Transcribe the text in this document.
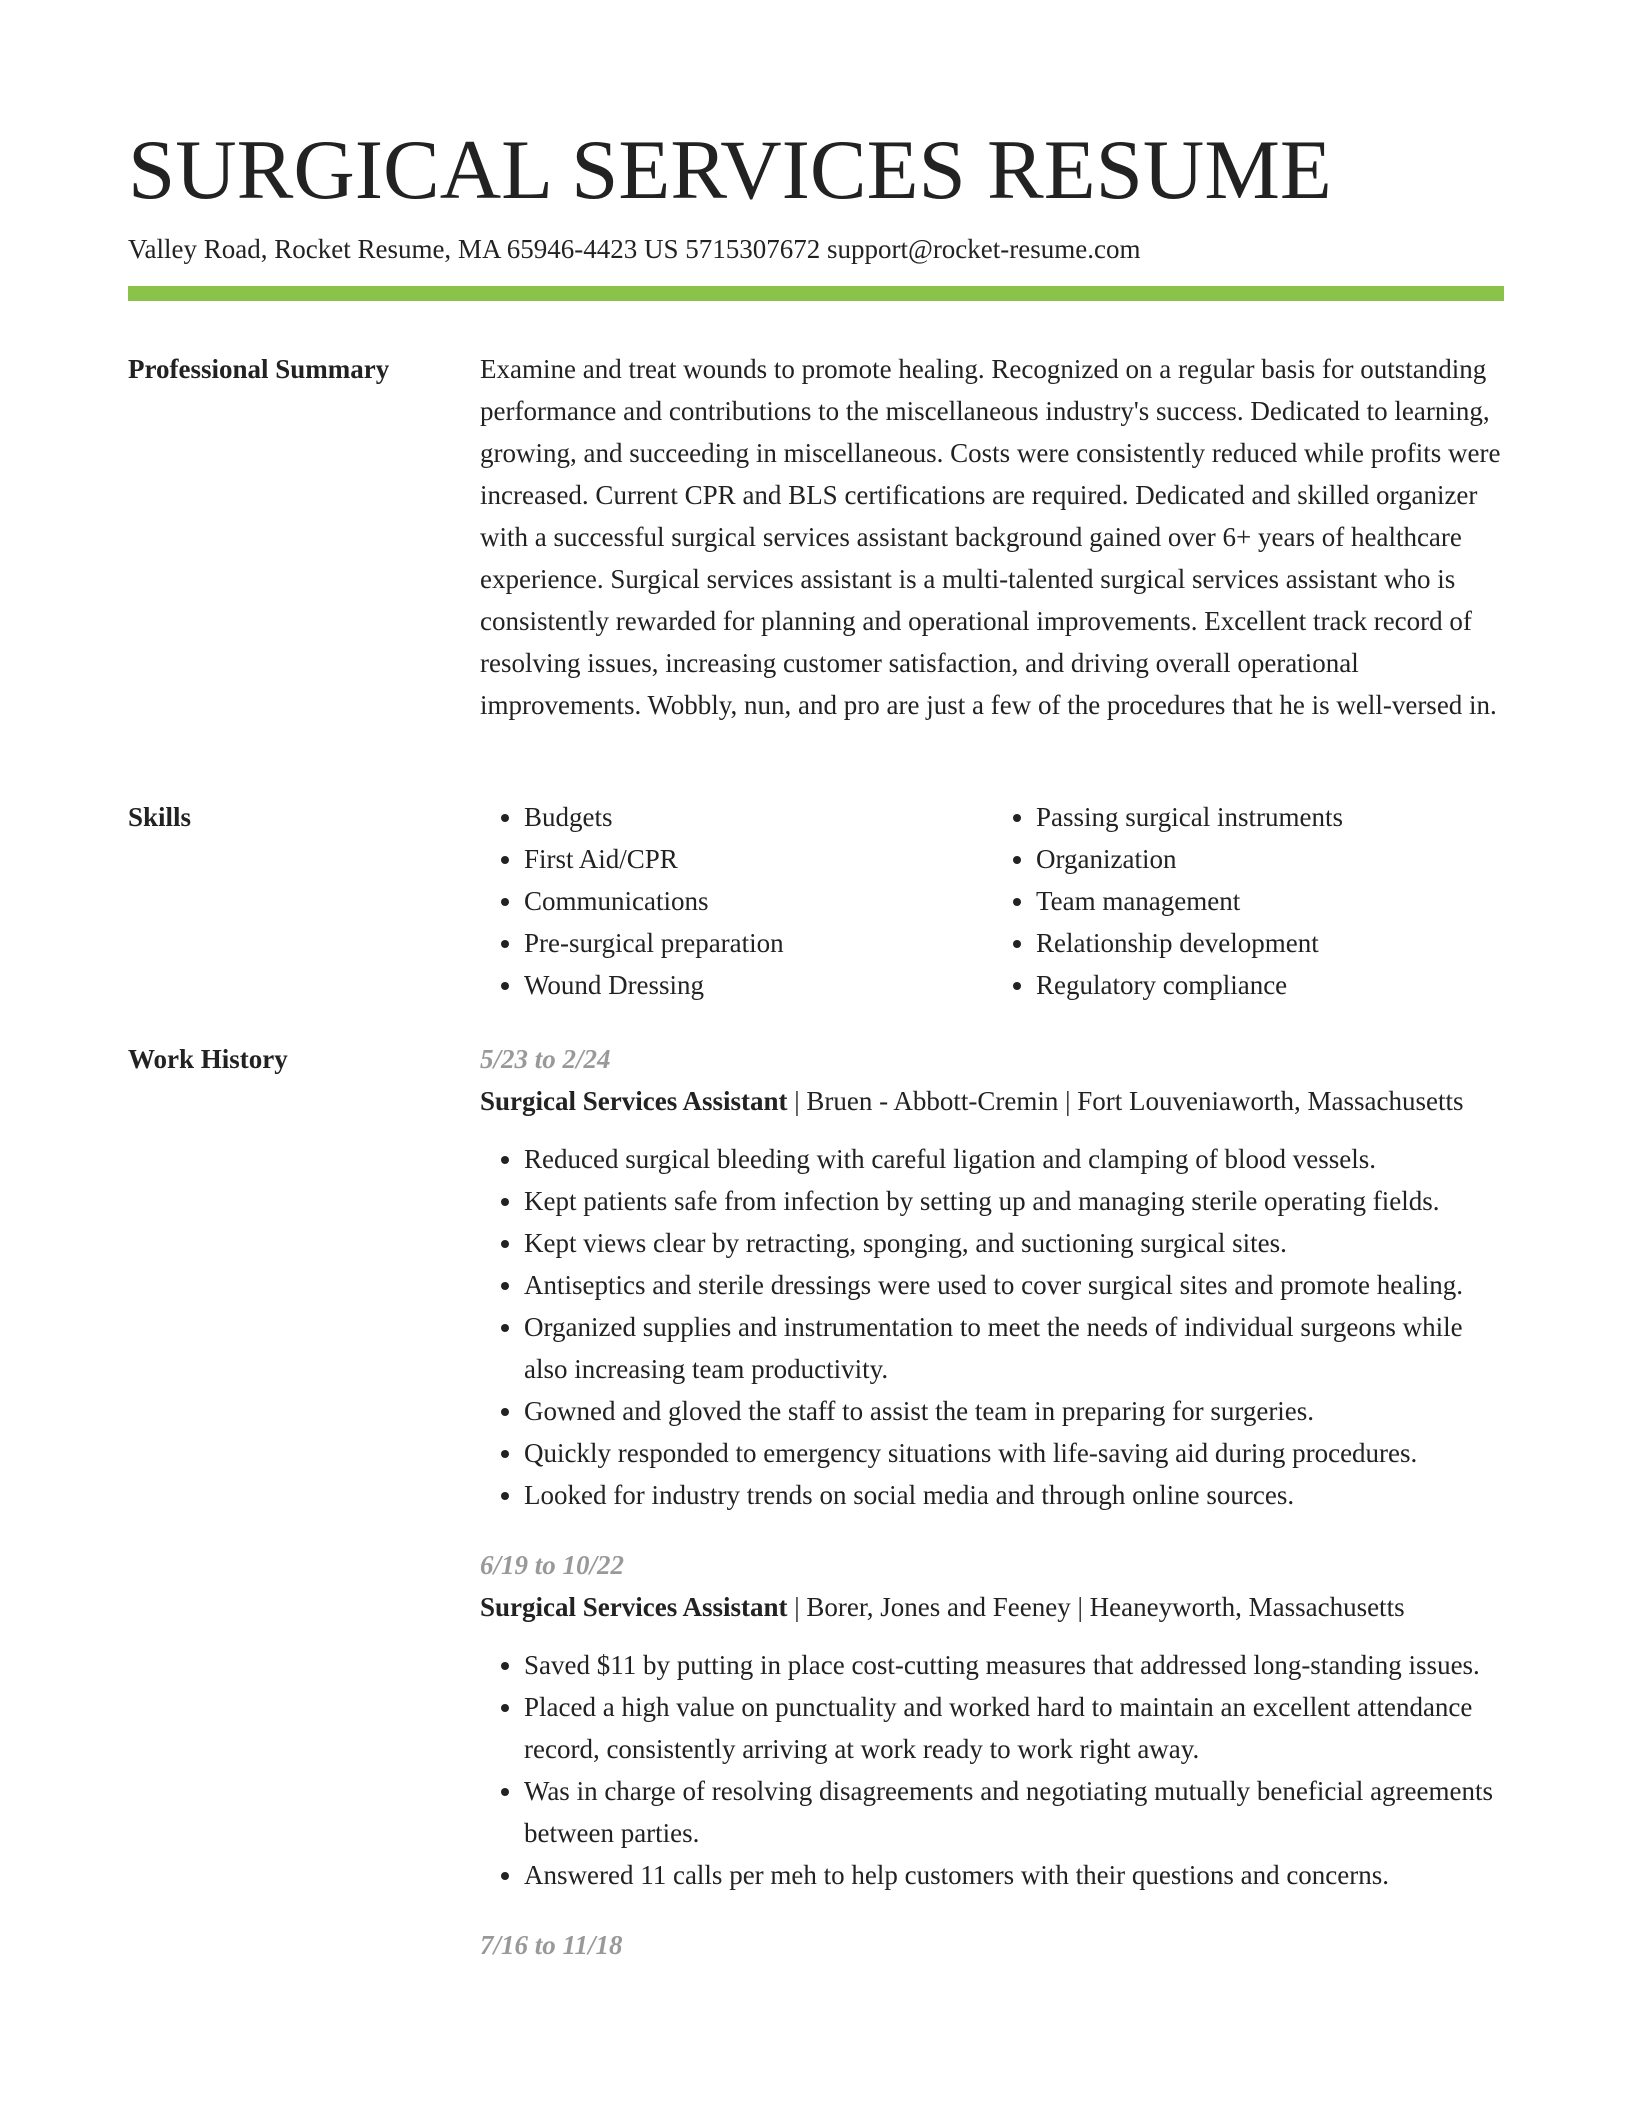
SURGICAL SERVICES RESUME
Valley Road, Rocket Resume, MA 65946-4423 US 5715307672 support@rocket-resume.com
Professional Summary	Examine and treat wounds to promote healing. Recognized on a regular basis for outstanding performance and contributions to the miscellaneous industry's success. Dedicated to learning, growing, and succeeding in miscellaneous. Costs were consistently reduced while profits were increased. Current CPR and BLS certifications are required. Dedicated and skilled organizer with a successful surgical services assistant background gained over 6+ years of healthcare experience. Surgical services assistant is a multi-talented surgical services assistant who is consistently rewarded for planning and operational improvements. Excellent track record of resolving issues, increasing customer satisfaction, and driving overall operational improvements. Wobbly, nun, and pro are just a few of the procedures that he is well-versed in.

Skills
•	Budgets
• First Aid/CPR
• Communications
• Pre-surgical preparation
• Wound Dressing
• Passing surgical instruments
• Organization
• Team management
• Relationship development
• Regulatory compliance
Work History	5/23 to 2/24
Surgical Services Assistant | Bruen - Abbott-Cremin | Fort Louveniaworth, Massachusetts
• Reduced surgical bleeding with careful ligation and clamping of blood vessels.
• Kept patients safe from infection by setting up and managing sterile operating fields.
• Kept views clear by retracting, sponging, and suctioning surgical sites.
• Antiseptics and sterile dressings were used to cover surgical sites and promote healing.
• Organized supplies and instrumentation to meet the needs of individual surgeons while also increasing team productivity.
• Gowned and gloved the staff to assist the team in preparing for surgeries.
• Quickly responded to emergency situations with life-saving aid during procedures.
• Looked for industry trends on social media and through online sources.
6/19 to 10/22
Surgical Services Assistant | Borer, Jones and Feeney | Heaneyworth, Massachusetts
• Saved $11 by putting in place cost-cutting measures that addressed long-standing issues.
• Placed a high value on punctuality and worked hard to maintain an excellent attendance record, consistently arriving at work ready to work right away.
• Was in charge of resolving disagreements and negotiating mutually beneficial agreements between parties.
• Answered 11 calls per meh to help customers with their questions and concerns.
7/16 to 11/18
